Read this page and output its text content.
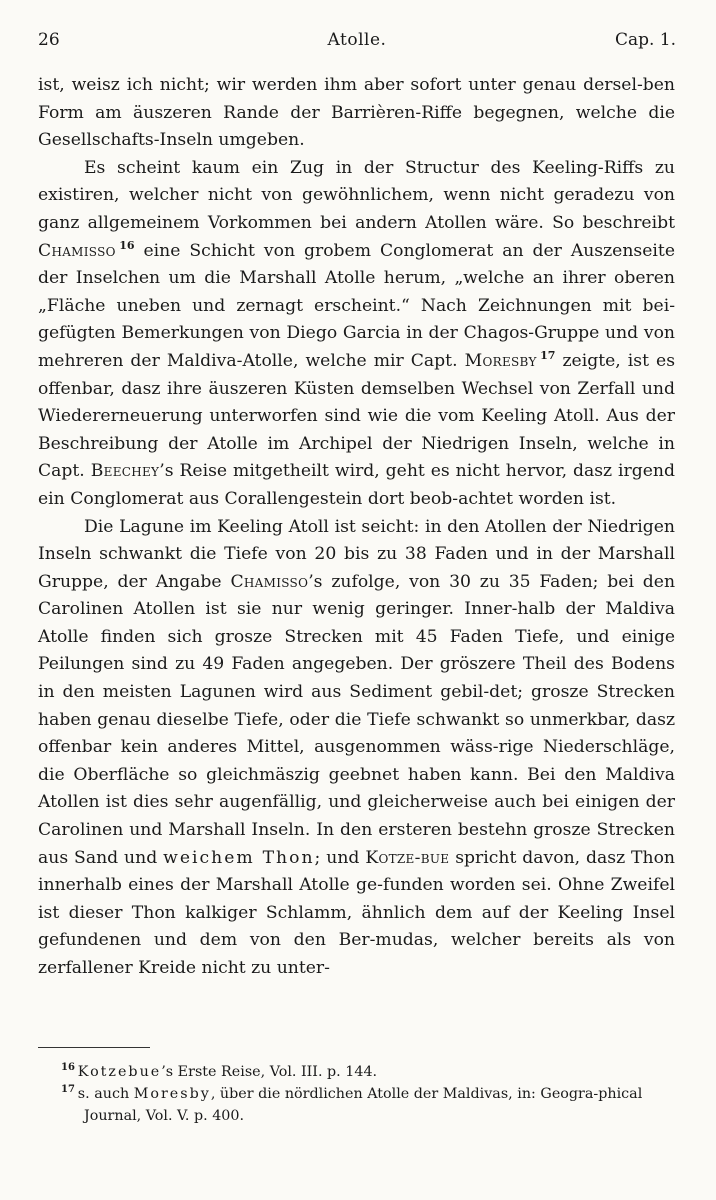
26	Atolle.	Cap. 1.

ist, weisz ich nicht; wir werden ihm aber sofort unter genau dersel-ben Form am äuszeren Rande der Barrièren-Riffe begegnen, welche die Gesellschafts-Inseln umgeben.

Es scheint kaum ein Zug in der Structur des Keeling-Riffs zu existiren, welcher nicht von gewöhnlichem, wenn nicht geradezu von ganz allgemeinem Vorkommen bei andern Atollen wäre. So beschreibt Chamisso  $^{16}$ eine Schicht von grobem Conglomerat an der Auszenseite der Inselchen um die Marshall Atolle herum, „welche an ihrer oberen „Fläche uneben und zernagt erscheint.“ Nach Zeichnungen mit bei-gefügten Bemerkungen von Diego Garcia in der Chagos-Gruppe und von mehreren der Maldiva-Atolle, welche mir Capt. Moresby  $^{17}$ zeigte, ist es offenbar, dasz ihre äuszeren Küsten demselben Wechsel von Zerfall und Wiedererneuerung unterworfen sind wie die vom Keeling Atoll. Aus der Beschreibung der Atolle im Archipel der Niedrigen Inseln, welche in Capt. Beechey’s Reise mitgetheilt wird, geht es nicht hervor, dasz irgend ein Conglomerat aus Corallengestein dort beob-achtet worden ist.

Die Lagune im Keeling Atoll ist seicht: in den Atollen der Niedrigen Inseln schwankt die Tiefe von 20 bis zu 38 Faden und in der Marshall Gruppe, der Angabe Chamisso’s zufolge, von 30 zu 35 Faden; bei den Carolinen Atollen ist sie nur wenig geringer. Inner-halb der Maldiva Atolle finden sich grosze Strecken mit 45 Faden Tiefe, und einige Peilungen sind zu 49 Faden angegeben. Der gröszere Theil des Bodens in den meisten Lagunen wird aus Sediment gebil-det; grosze Strecken haben genau dieselbe Tiefe, oder die Tiefe schwankt so unmerkbar, dasz offenbar kein anderes Mittel, ausgenommen wäss-rige Niederschläge, die Oberfläche so gleichmäszig geebnet haben kann. Bei den Maldiva Atollen ist dies sehr augenfällig, und gleicherweise auch bei einigen der Carolinen und Marshall Inseln. In den ersteren bestehn grosze Strecken aus Sand und weichem Thon; und Kotze-bue spricht davon, dasz Thon innerhalb eines der Marshall Atolle ge-funden worden sei. Ohne Zweifel ist dieser Thon kalkiger Schlamm, ähnlich dem auf der Keeling Insel gefundenen und dem von den Ber-mudas, welcher bereits als von zerfallener Kreide nicht zu unter-

$^{16}$  Kotzebue’s Erste Reise, Vol. III. p. 144.

$^{17}$  s. auch Moresby, über die nördlichen Atolle der Maldivas, in: Geogra-phical Journal, Vol. V. p. 400.
